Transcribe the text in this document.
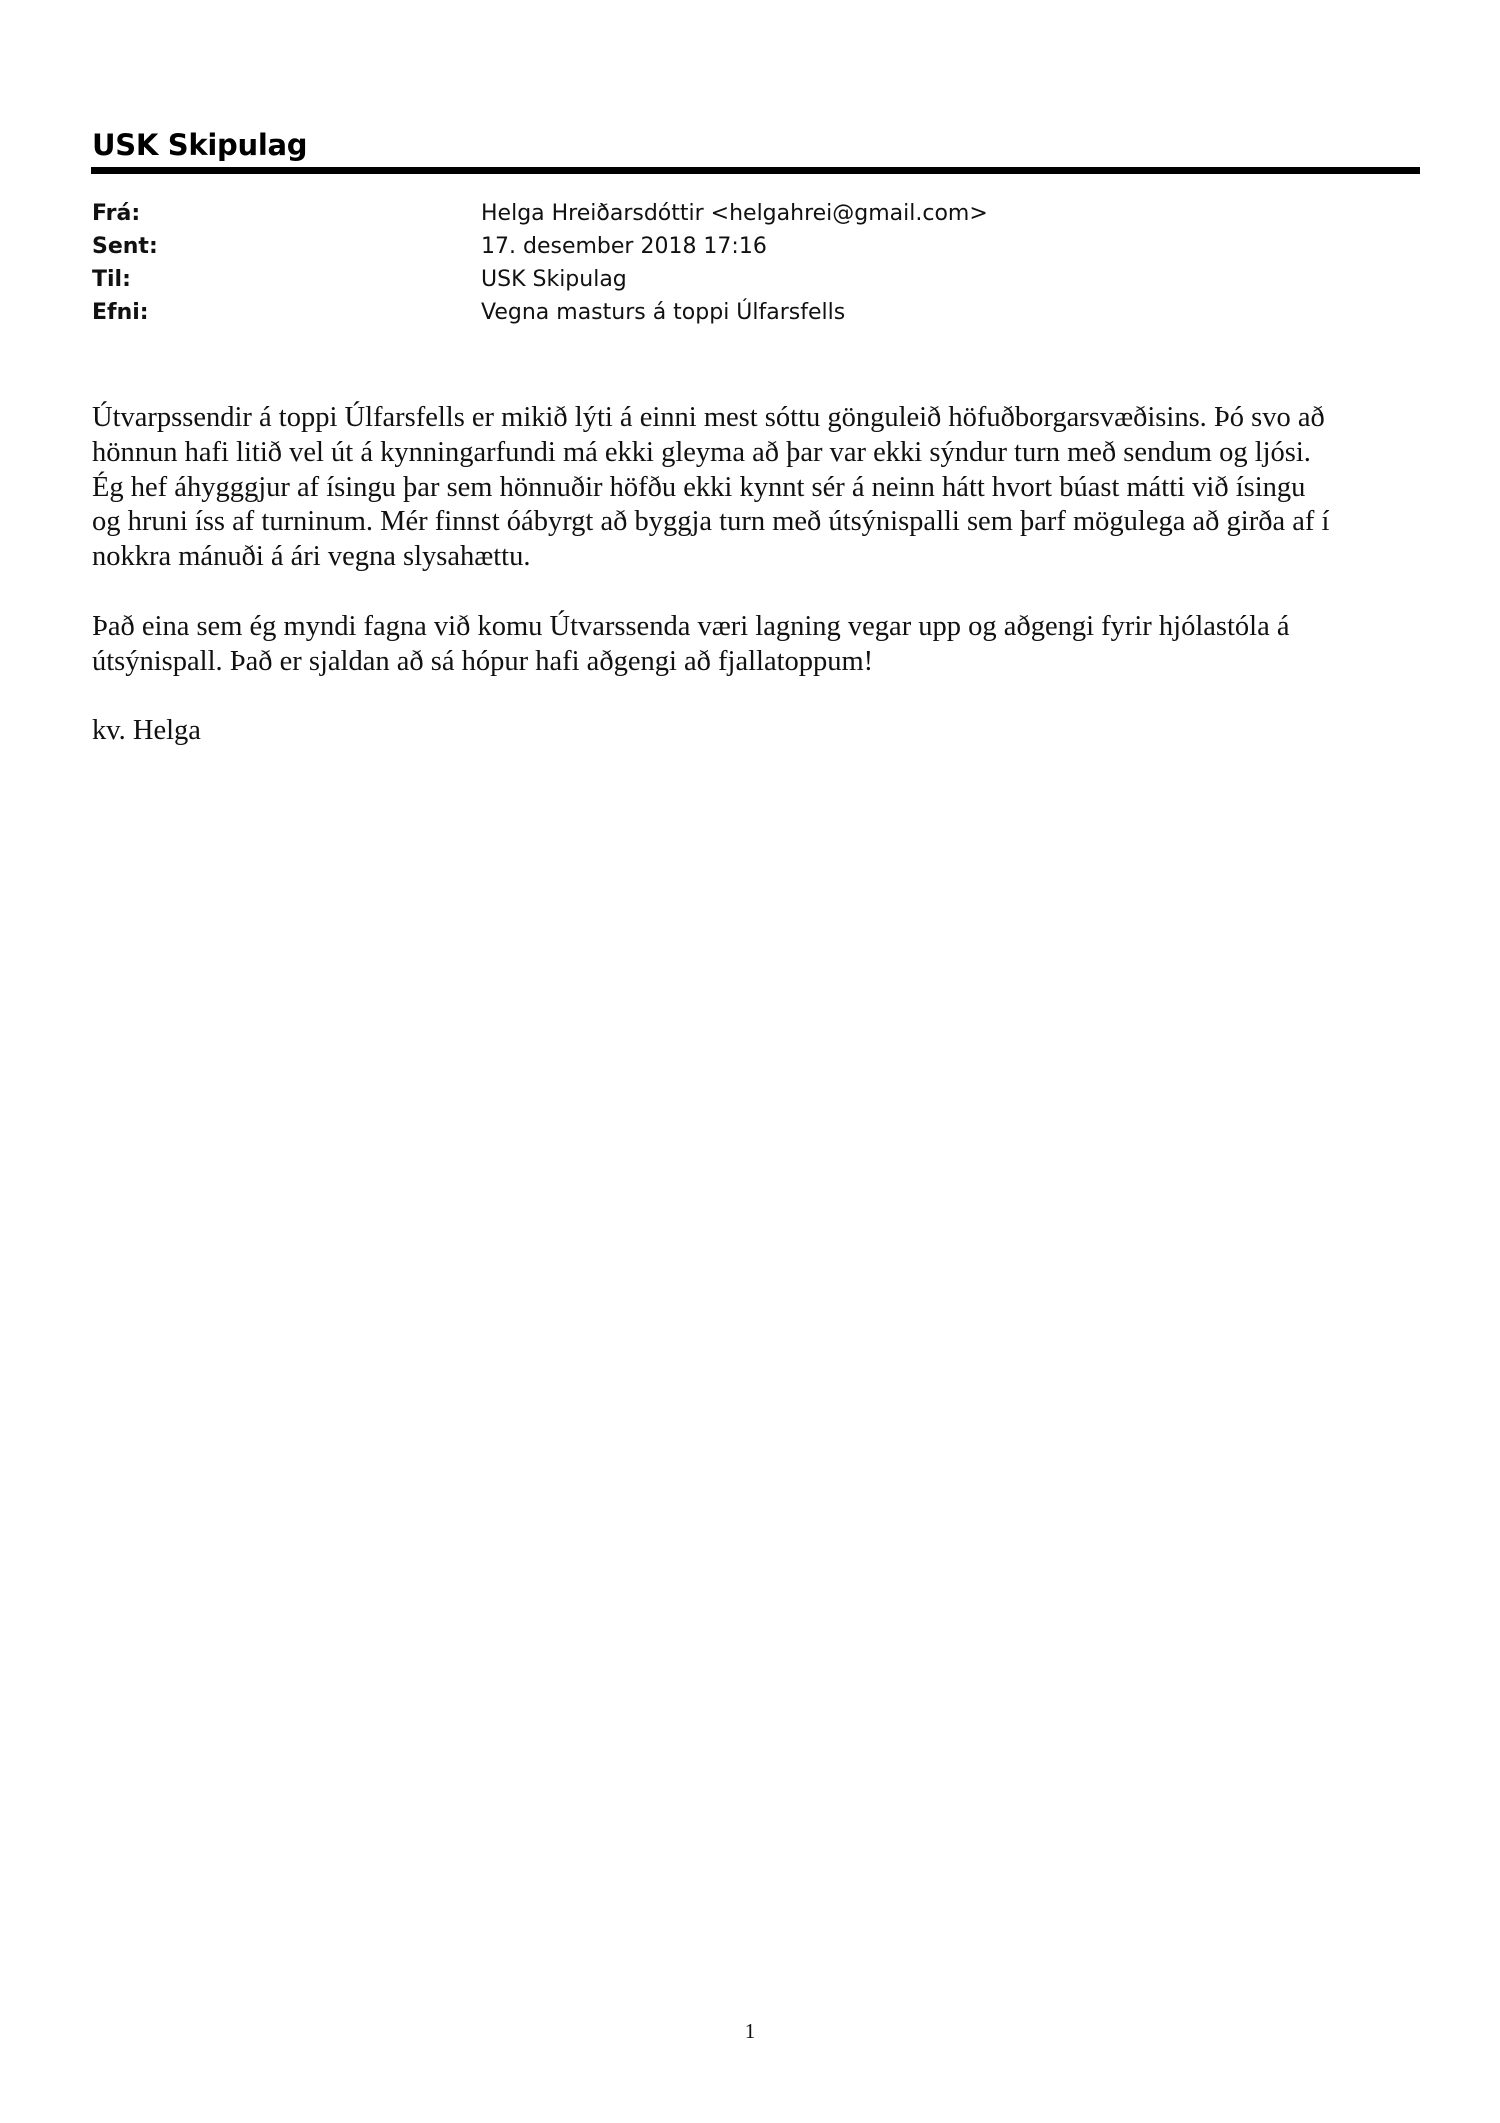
USK Skipulag
Frá:	Helga Hreiðarsdóttir <helgahrei@gmail.com>
Sent:	17. desember 2018 17:16
Til:	USK Skipulag
Efni:	Vegna masturs á toppi Úlfarsfells

Útvarpssendir á toppi Úlfarsfells er mikið lýti á einni mest sóttu gönguleið höfuðborgarsvæðisins. Þó svo að
hönnun hafi litið vel út á kynningarfundi má ekki gleyma að þar var ekki sýndur turn með sendum og ljósi.
Ég hef áhygggjur af ísingu þar sem hönnuðir höfðu ekki kynnt sér á neinn hátt hvort búast mátti við ísingu
og hruni íss af turninum. Mér finnst óábyrgt að byggja turn með útsýnispalli sem þarf mögulega að girða af í
nokkra mánuði á ári vegna slysahættu.

Það eina sem ég myndi fagna við komu Útvarssenda væri lagning vegar upp og aðgengi fyrir hjólastóla á
útsýnispall. Það er sjaldan að sá hópur hafi aðgengi að fjallatoppum!

kv. Helga

1
